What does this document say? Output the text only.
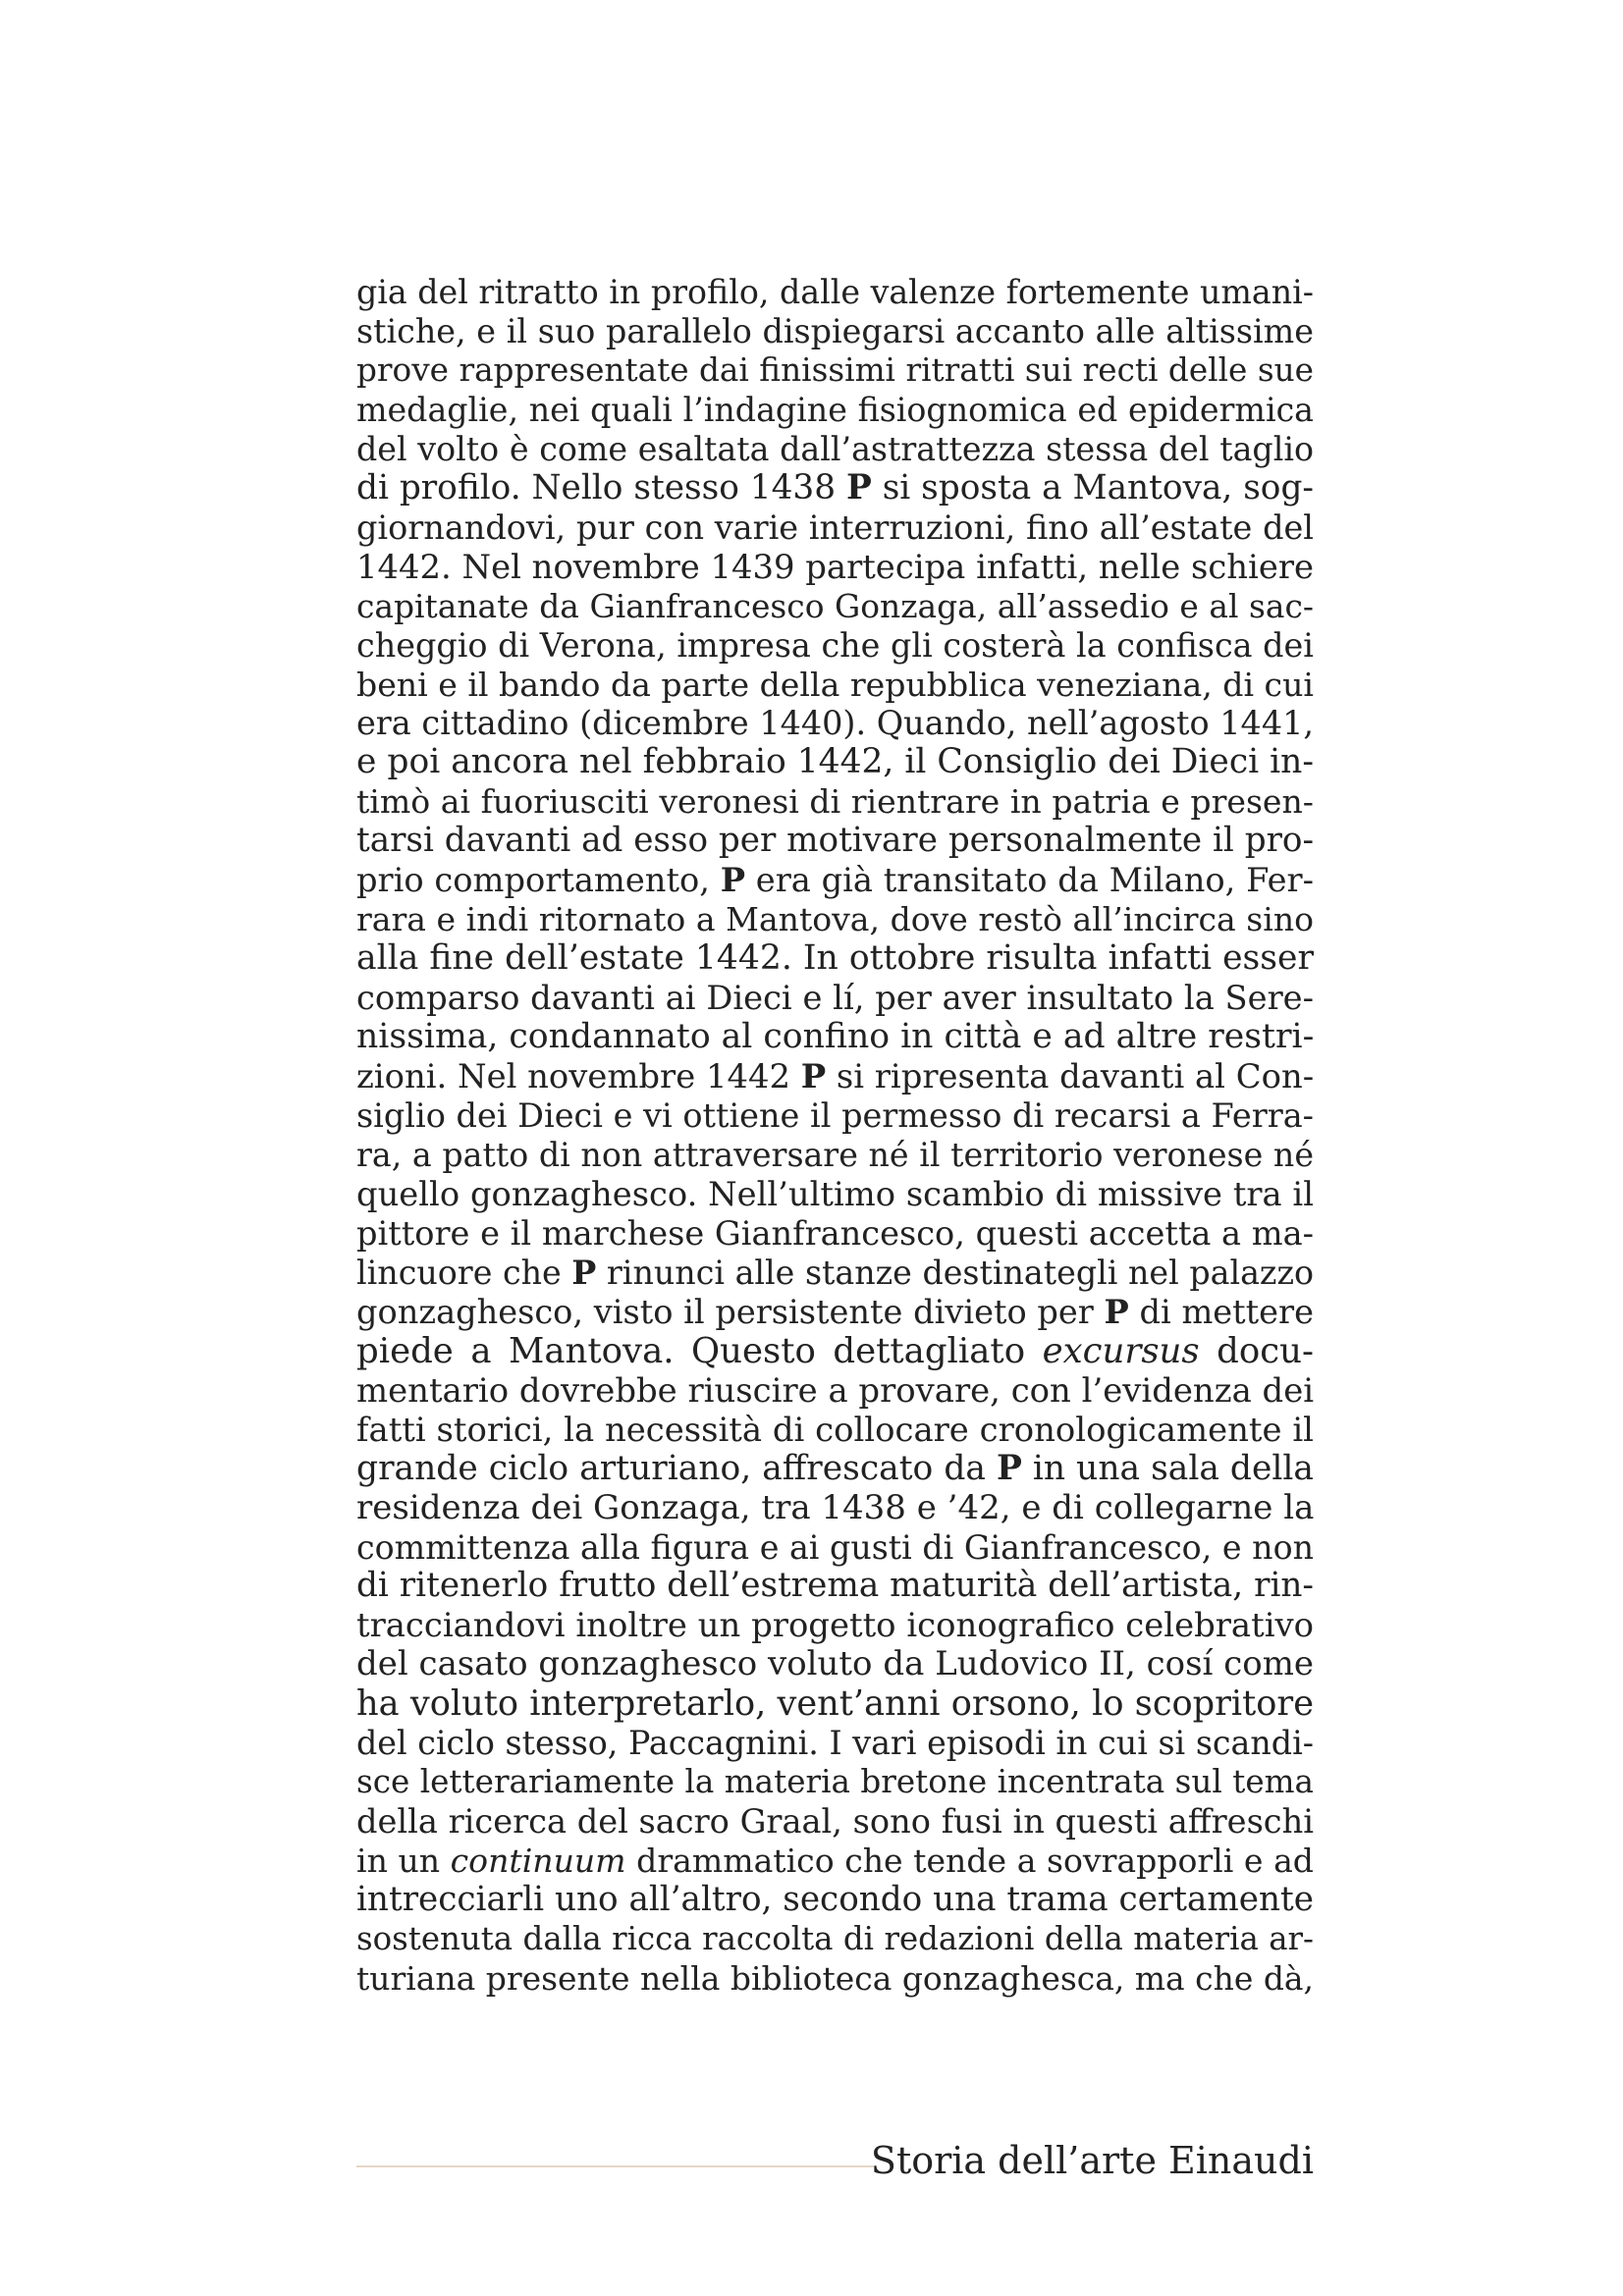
gia del ritratto in profilo, dalle valenze fortemente umani-
stiche, e il suo parallelo dispiegarsi accanto alle altissime
prove rappresentate dai finissimi ritratti sui recti delle sue
medaglie, nei quali l’indagine fisiognomica ed epidermica
del volto è come esaltata dall’astrattezza stessa del taglio
di profilo. Nello stesso 1438 P si sposta a Mantova, sog-
giornandovi, pur con varie interruzioni, fino all’estate del
1442. Nel novembre 1439 partecipa infatti, nelle schiere
capitanate da Gianfrancesco Gonzaga, all’assedio e al sac-
cheggio di Verona, impresa che gli costerà la confisca dei
beni e il bando da parte della repubblica veneziana, di cui
era cittadino (dicembre 1440). Quando, nell’agosto 1441,
e poi ancora nel febbraio 1442, il Consiglio dei Dieci in-
timò ai fuoriusciti veronesi di rientrare in patria e presen-
tarsi davanti ad esso per motivare personalmente il pro-
prio comportamento, P era già transitato da Milano, Fer-
rara e indi ritornato a Mantova, dove restò all’incirca sino
alla fine dell’estate 1442. In ottobre risulta infatti esser
comparso davanti ai Dieci e lí, per aver insultato la Sere-
nissima, condannato al confino in città e ad altre restri-
zioni. Nel novembre 1442 P si ripresenta davanti al Con-
siglio dei Dieci e vi ottiene il permesso di recarsi a Ferra-
ra, a patto di non attraversare né il territorio veronese né
quello gonzaghesco. Nell’ultimo scambio di missive tra il
pittore e il marchese Gianfrancesco, questi accetta a ma-
lincuore che P rinunci alle stanze destinategli nel palazzo
gonzaghesco, visto il persistente divieto per P di mettere
piede a Mantova. Questo dettagliato excursus docu-
mentario dovrebbe riuscire a provare, con l’evidenza dei
fatti storici, la necessità di collocare cronologicamente il
grande ciclo arturiano, affrescato da P in una sala della
residenza dei Gonzaga, tra 1438 e ’42, e di collegarne la
committenza alla figura e ai gusti di Gianfrancesco, e non
di ritenerlo frutto dell’estrema maturità dell’artista, rin-
tracciandovi inoltre un progetto iconografico celebrativo
del casato gonzaghesco voluto da Ludovico II, cosí come
ha voluto interpretarlo, vent’anni orsono, lo scopritore
del ciclo stesso, Paccagnini. I vari episodi in cui si scandi-
sce letterariamente la materia bretone incentrata sul tema
della ricerca del sacro Graal, sono fusi in questi affreschi
in un continuum drammatico che tende a sovrapporli e ad
intrecciarli uno all’altro, secondo una trama certamente
sostenuta dalla ricca raccolta di redazioni della materia ar-
turiana presente nella biblioteca gonzaghesca, ma che dà,

Storia dell’arte Einaudi
